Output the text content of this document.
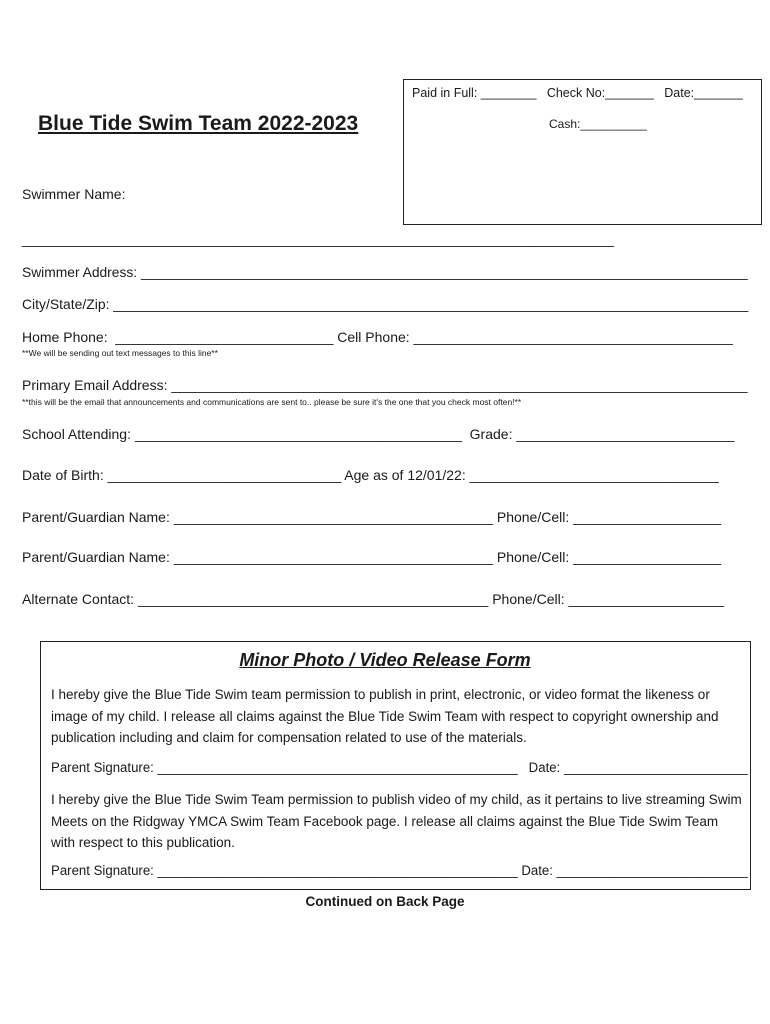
Blue Tide Swim Team 2022-2023
Paid in Full: ________   Check No:_______   Date:_______
Cash:__________
Swimmer Name:
____________________________________________________________________________
Swimmer Address: _______________________________________________________________________________
City/State/Zip: __________________________________________________________________________________
Home Phone:  ____________________________ Cell Phone: _________________________________________
**We will be sending out text messages to this line**
Primary Email Address: __________________________________________________________________________
**this will be the email that announcements and communications are sent to.. please be sure it's the one that you check most often!**
School Attending: __________________________________________  Grade: ____________________________
Date of Birth: ______________________________ Age as of 12/01/22: ________________________________
Parent/Guardian Name: _________________________________________ Phone/Cell: ___________________
Parent/Guardian Name: _________________________________________ Phone/Cell: ___________________
Alternate Contact: _____________________________________________ Phone/Cell: ____________________
Minor Photo / Video Release Form
I hereby give the Blue Tide Swim team permission to publish in print, electronic, or video format the likeness or image of my child. I release all claims against the Blue Tide Swim Team with respect to copyright ownership and publication including and claim for compensation related to use of the materials.
Parent Signature: _________________________________________________   Date: _________________________
I hereby give the Blue Tide Swim Team permission to publish video of my child, as it pertains to live streaming Swim Meets on the Ridgway YMCA Swim Team Facebook page. I release all claims against the Blue Tide Swim Team with respect to this publication.
Parent Signature: _________________________________________________ Date: __________________________
Continued on Back Page
